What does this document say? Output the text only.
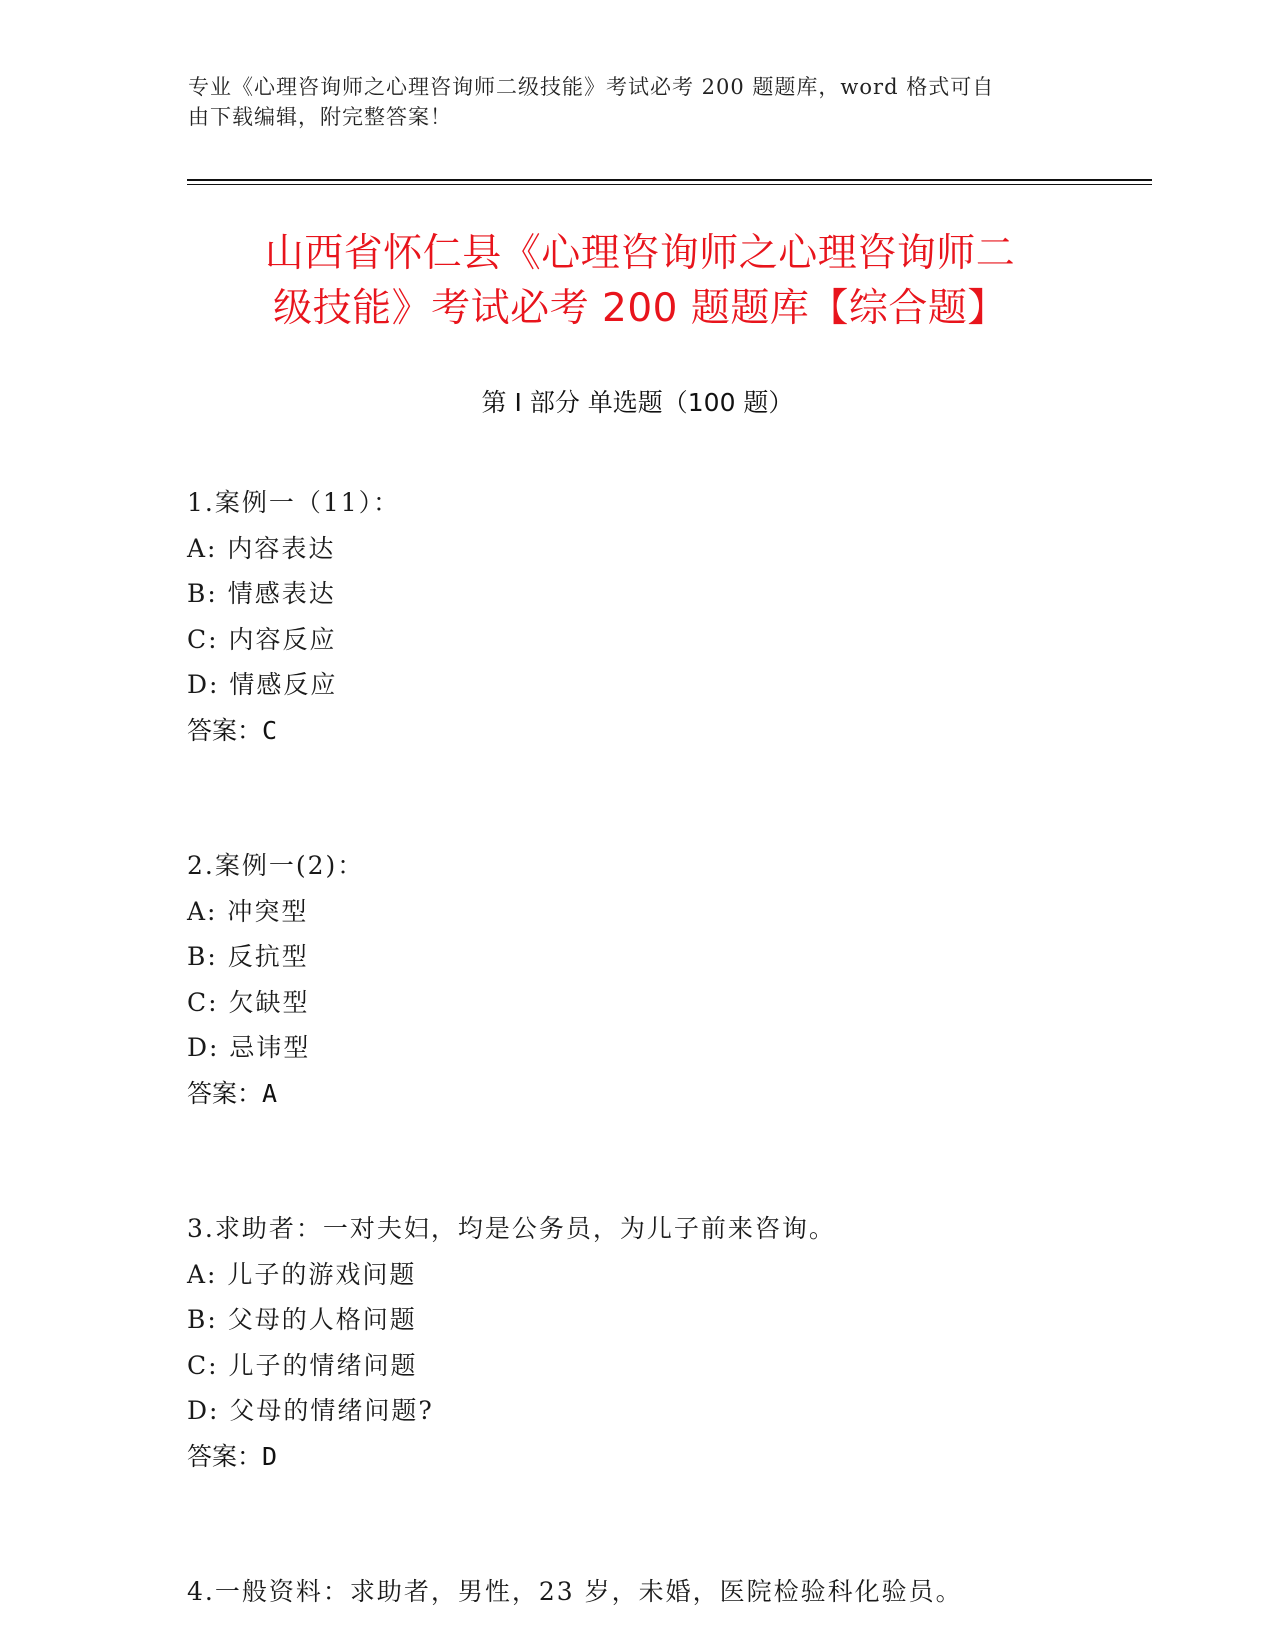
专业《心理咨询师之心理咨询师二级技能》考试必考 200 题题库，word 格式可自
由下载编辑，附完整答案！
山西省怀仁县《心理咨询师之心理咨询师二
级技能》考试必考 200 题题库【综合题】
第 I 部分 单选题（100 题）
1.案例一（11）：
A: 内容表达
B: 情感表达
C: 内容反应
D: 情感反应
答案：C
2.案例一(2)：
A: 冲突型
B: 反抗型
C: 欠缺型
D: 忌讳型
答案：A
3.求助者：一对夫妇，均是公务员，为儿子前来咨询。
A: 儿子的游戏问题
B: 父母的人格问题
C: 儿子的情绪问题
D: 父母的情绪问题?
答案：D
4.一般资料：求助者，男性，23 岁，未婚，医院检验科化验员。
